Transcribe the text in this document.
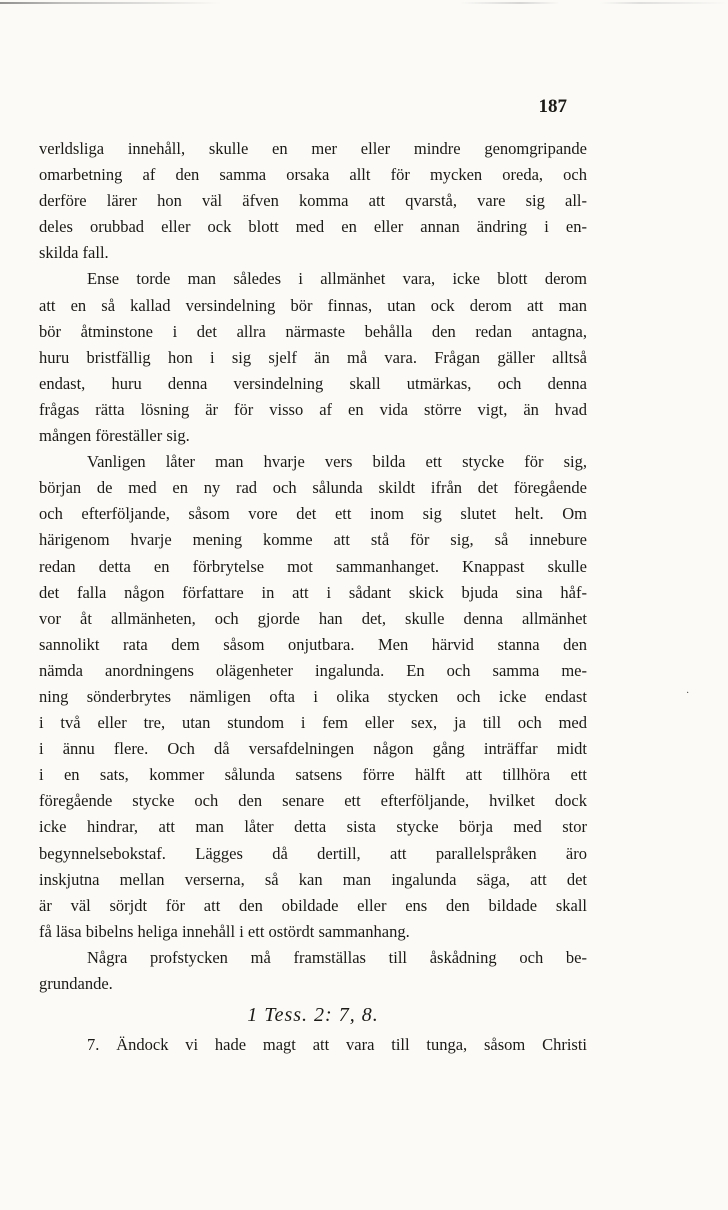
187

verldsliga innehåll, skulle en mer eller mindre genomgripande
omarbetning af den samma orsaka allt för mycken oreda, och
derföre lärer hon väl äfven komma att qvarstå, vare sig all-
deles orubbad eller ock blott med en eller annan ändring i en-
skilda fall.

Ense torde man således i allmänhet vara, icke blott derom
att en så kallad versindelning bör finnas, utan ock derom att man
bör åtminstone i det allra närmaste behålla den redan antagna,
huru bristfällig hon i sig sjelf än må vara. Frågan gäller alltså
endast, huru denna versindelning skall utmärkas, och denna
frågas rätta lösning är för visso af en vida större vigt, än hvad
mången föreställer sig.

Vanligen låter man hvarje vers bilda ett stycke för sig,
början de med en ny rad och sålunda skildt ifrån det föregående
och efterföljande, såsom vore det ett inom sig slutet helt. Om
härigenom hvarje mening komme att stå för sig, så innebure
redan detta en förbrytelse mot sammanhanget. Knappast skulle
det falla någon författare in att i sådant skick bjuda sina håf-
vor åt allmänheten, och gjorde han det, skulle denna allmänhet
sannolikt rata dem såsom onjutbara. Men härvid stanna den
nämda anordningens olägenheter ingalunda. En och samma me-
ning sönderbrytes nämligen ofta i olika stycken och icke endast
i två eller tre, utan stundom i fem eller sex, ja till och med
i ännu flere. Och då versafdelningen någon gång inträffar midt
i en sats, kommer sålunda satsens förre hälft att tillhöra ett
föregående stycke och den senare ett efterföljande, hvilket dock
icke hindrar, att man låter detta sista stycke börja med stor
begynnelsebokstaf. Lägges då dertill, att parallelspråken äro
inskjutna mellan verserna, så kan man ingalunda säga, att det
är väl sörjdt för att den obildade eller ens den bildade skall
få läsa bibelns heliga innehåll i ett ostördt sammanhang.

Några profstycken må framställas till åskådning och be-
grundande.

1 Tess. 2: 7, 8.

7. Ändock vi hade magt att vara till tunga, såsom Christi

·
